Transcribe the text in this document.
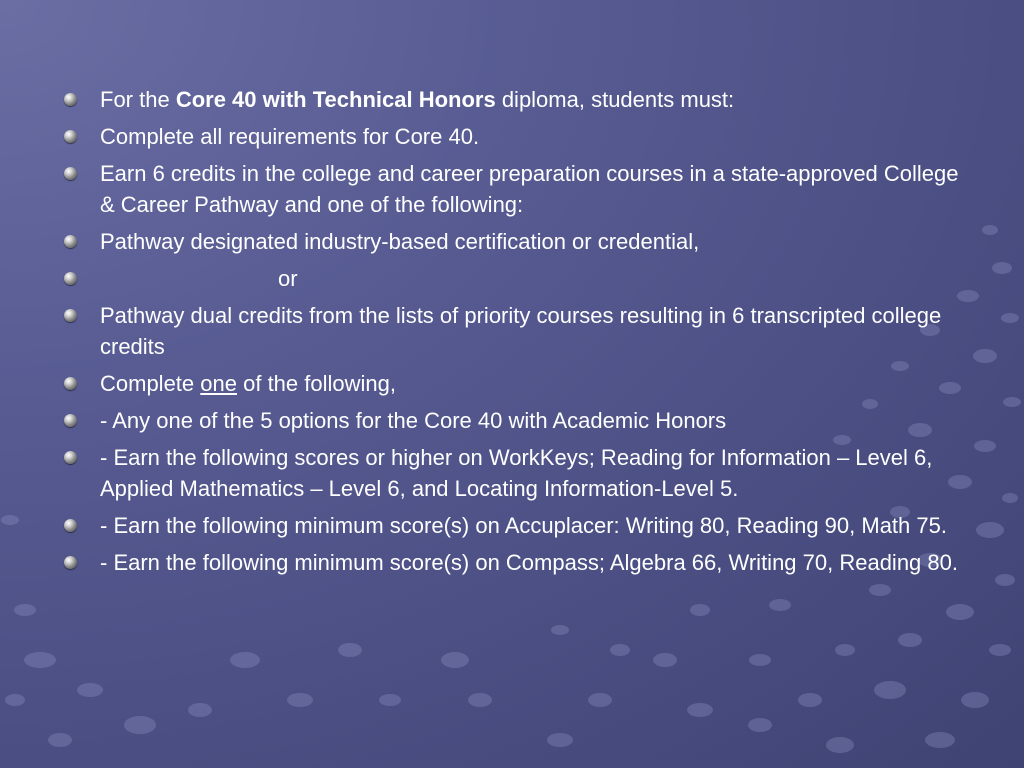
For the Core 40 with Technical Honors diploma, students must:
Complete all requirements for Core 40.
Earn 6 credits in the college and career preparation courses in a state-approved College & Career Pathway and one of the following:
Pathway designated industry-based certification or credential,
or
Pathway dual credits from the lists of priority courses resulting in 6 transcripted college credits
Complete one of the following,
- Any one of the 5 options for the Core 40 with Academic Honors
- Earn the following scores or higher on WorkKeys; Reading for Information – Level 6, Applied Mathematics – Level 6, and Locating Information-Level 5.
- Earn the following minimum score(s) on Accuplacer: Writing 80, Reading 90, Math 75.
- Earn the following minimum score(s) on Compass; Algebra 66, Writing 70, Reading 80.
